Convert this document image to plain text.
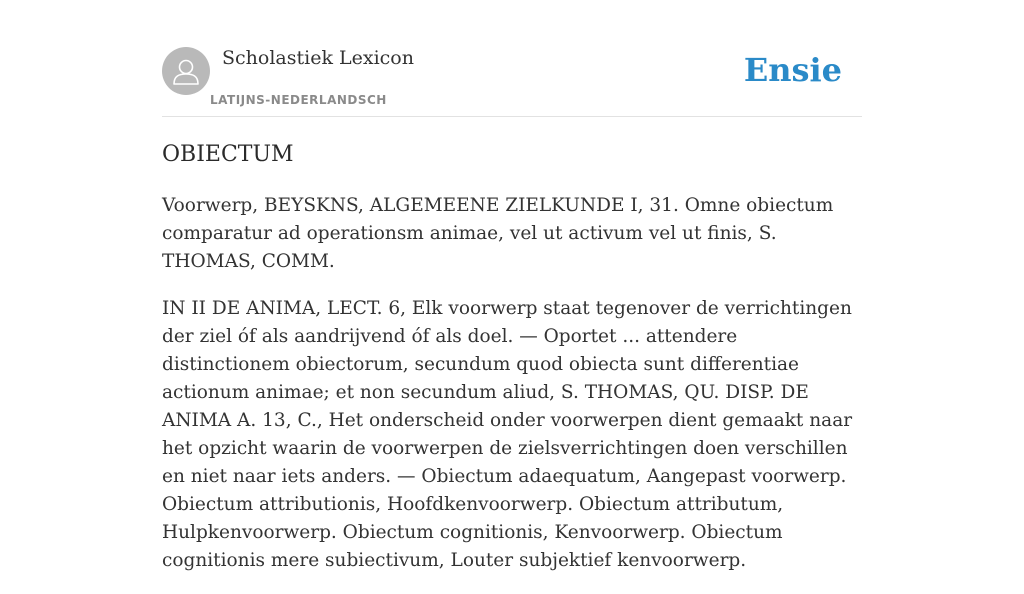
Scholastiek Lexicon
LATIJNS-NEDERLANDSCH
Ensie
OBIECTUM

Voorwerp, BEYSKNS, ALGEMEENE ZIELKUNDE I, 31. Omne obiectum comparatur ad operationsm animae, vel ut activum vel ut finis, S. THOMAS, COMM.

IN II DE ANIMA, LECT. 6, Elk voorwerp staat tegenover de verrichtingen der ziel óf als aandrijvend óf als doel. — Oportet ... attendere distinctionem obiectorum, secundum quod obiecta sunt differentiae actionum animae; et non secundum aliud, S. THOMAS, QU. DISP. DE ANIMA A. 13, C., Het onderscheid onder voorwerpen dient gemaakt naar het opzicht waarin de voorwerpen de zielsverrichtingen doen verschillen en niet naar iets anders. — Obiectum adaequatum, Aangepast voorwerp. Obiectum attributionis, Hoofdkenvoorwerp. Obiectum attributum, Hulpkenvoorwerp. Obiectum cognitionis, Kenvoorwerp. Obiectum cognitionis mere subiectivum, Louter subjektief kenvoorwerp.
